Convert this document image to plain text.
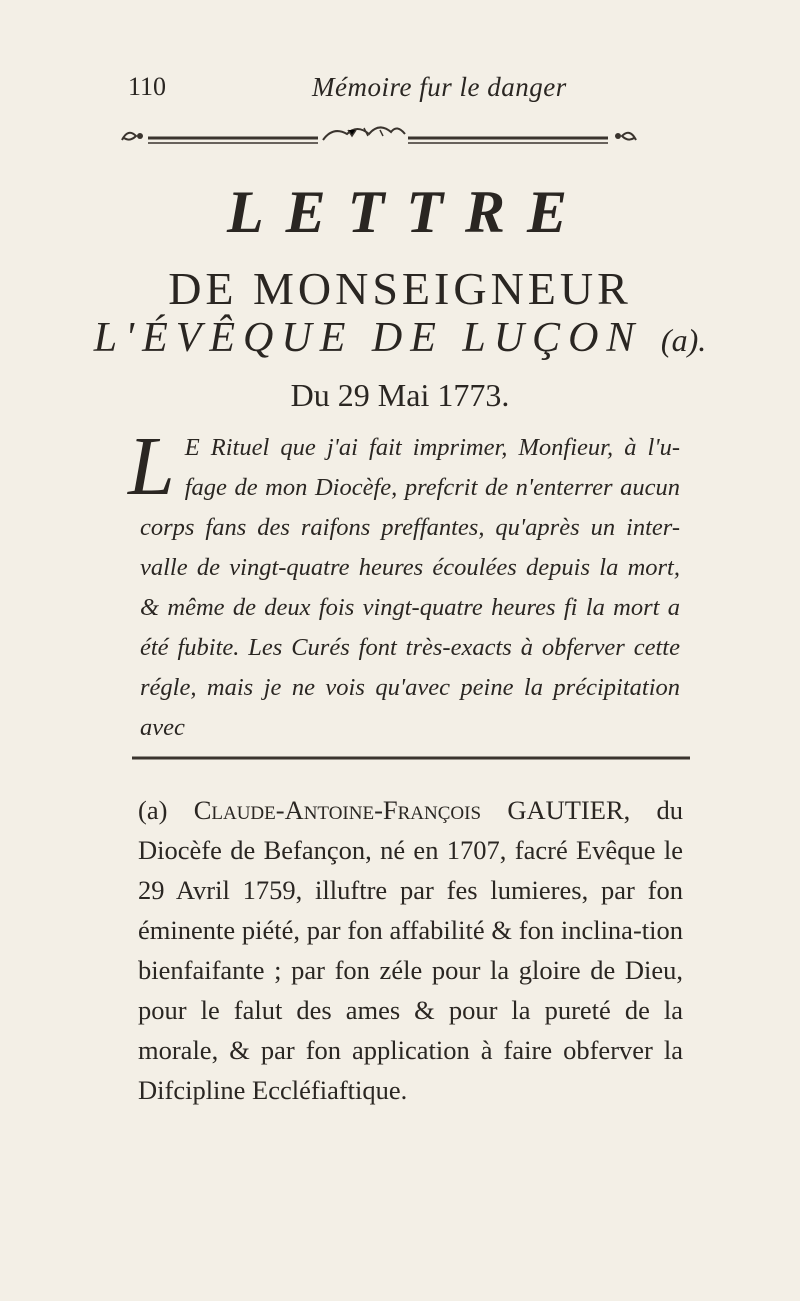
110	Mémoire fur le danger
LETTRE
DE MONSEIGNEUR
L'ÉVÊQUE DE LUÇON (a).
Du 29 Mai 1773.
L E Rituel que j'ai fait imprimer, Monfieur, à l'u-fage de mon Diocèfe, prefcrit de n'enterrer aucun corps fans des raifons preffantes, qu'après un inter-valle de vingt-quatre heures écoulées depuis la mort, & même de deux fois vingt-quatre heures fi la mort a été fubite. Les Curés font très-exacts à obferver cette régle, mais je ne vois qu'avec peine la précipitation avec
(a) Claude-Antoine-François GAUTIER, du Diocèfe de Befançon, né en 1707, facré Evêque le 29 Avril 1759, illuftre par fes lumieres, par fon éminente piété, par fon affabilité & fon inclina-tion bienfaifante ; par fon zéle pour la gloire de Dieu, pour le falut des ames & pour la pureté de la morale, & par fon application à faire obferver la Difcipline Eccléfiaftique.
